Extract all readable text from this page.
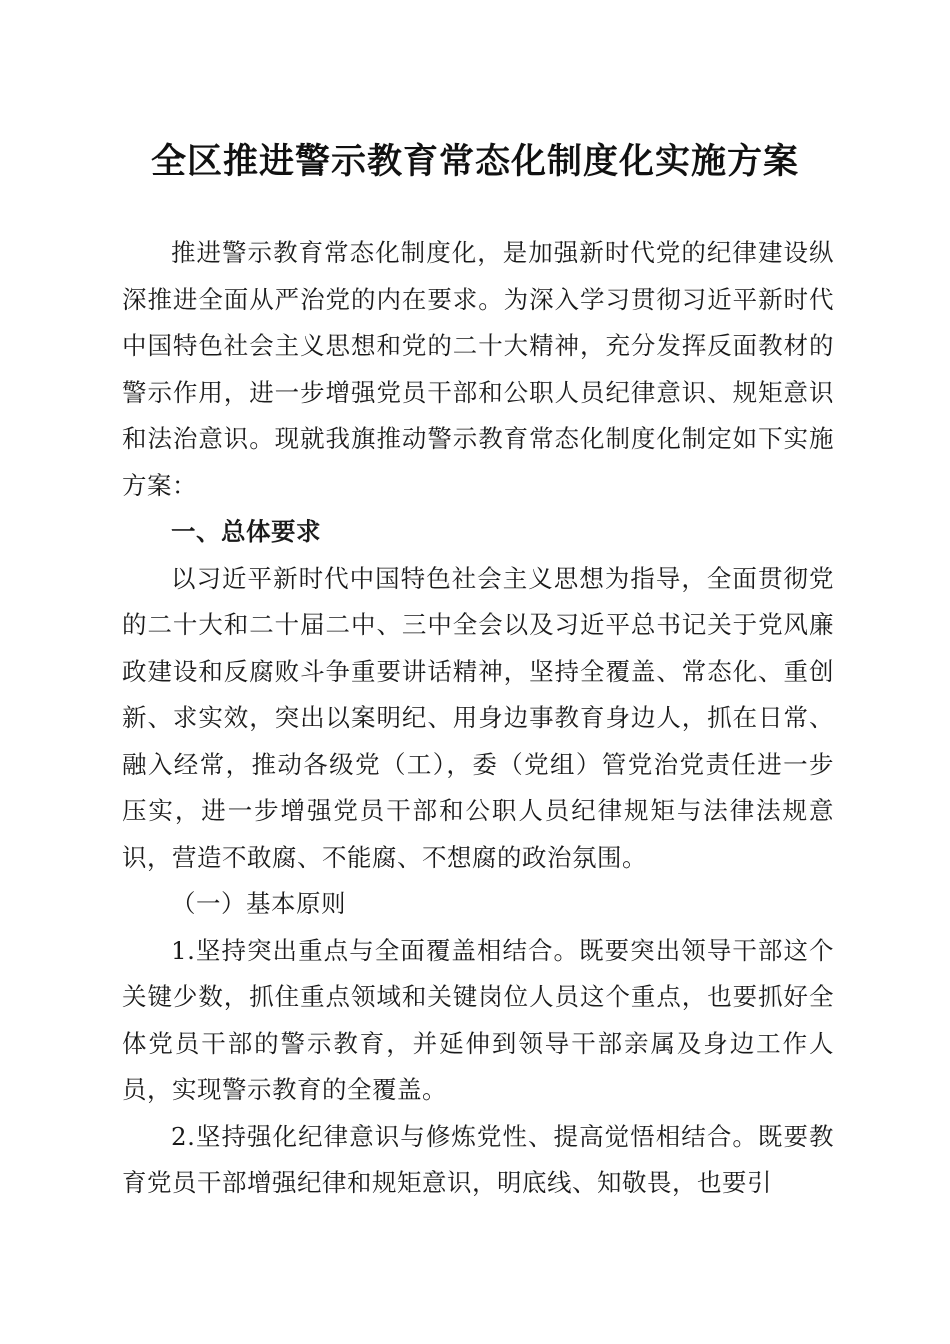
全区推进警示教育常态化制度化实施方案

推进警示教育常态化制度化，是加强新时代党的纪律建设纵深推进全面从严治党的内在要求。为深入学习贯彻习近平新时代中国特色社会主义思想和党的二十大精神，充分发挥反面教材的警示作用，进一步增强党员干部和公职人员纪律意识、规矩意识和法治意识。现就我旗推动警示教育常态化制度化制定如下实施方案：

一、总体要求

以习近平新时代中国特色社会主义思想为指导，全面贯彻党的二十大和二十届二中、三中全会以及习近平总书记关于党风廉政建设和反腐败斗争重要讲话精神，坚持全覆盖、常态化、重创新、求实效，突出以案明纪、用身边事教育身边人，抓在日常、融入经常，推动各级党（工），委（党组）管党治党责任进一步压实，进一步增强党员干部和公职人员纪律规矩与法律法规意识，营造不敢腐、不能腐、不想腐的政治氛围。

（一）基本原则

1.坚持突出重点与全面覆盖相结合。既要突出领导干部这个关键少数，抓住重点领域和关键岗位人员这个重点，也要抓好全体党员干部的警示教育，并延伸到领导干部亲属及身边工作人员，实现警示教育的全覆盖。

2.坚持强化纪律意识与修炼党性、提高觉悟相结合。既要教育党员干部增强纪律和规矩意识，明底线、知敬畏，也要引
